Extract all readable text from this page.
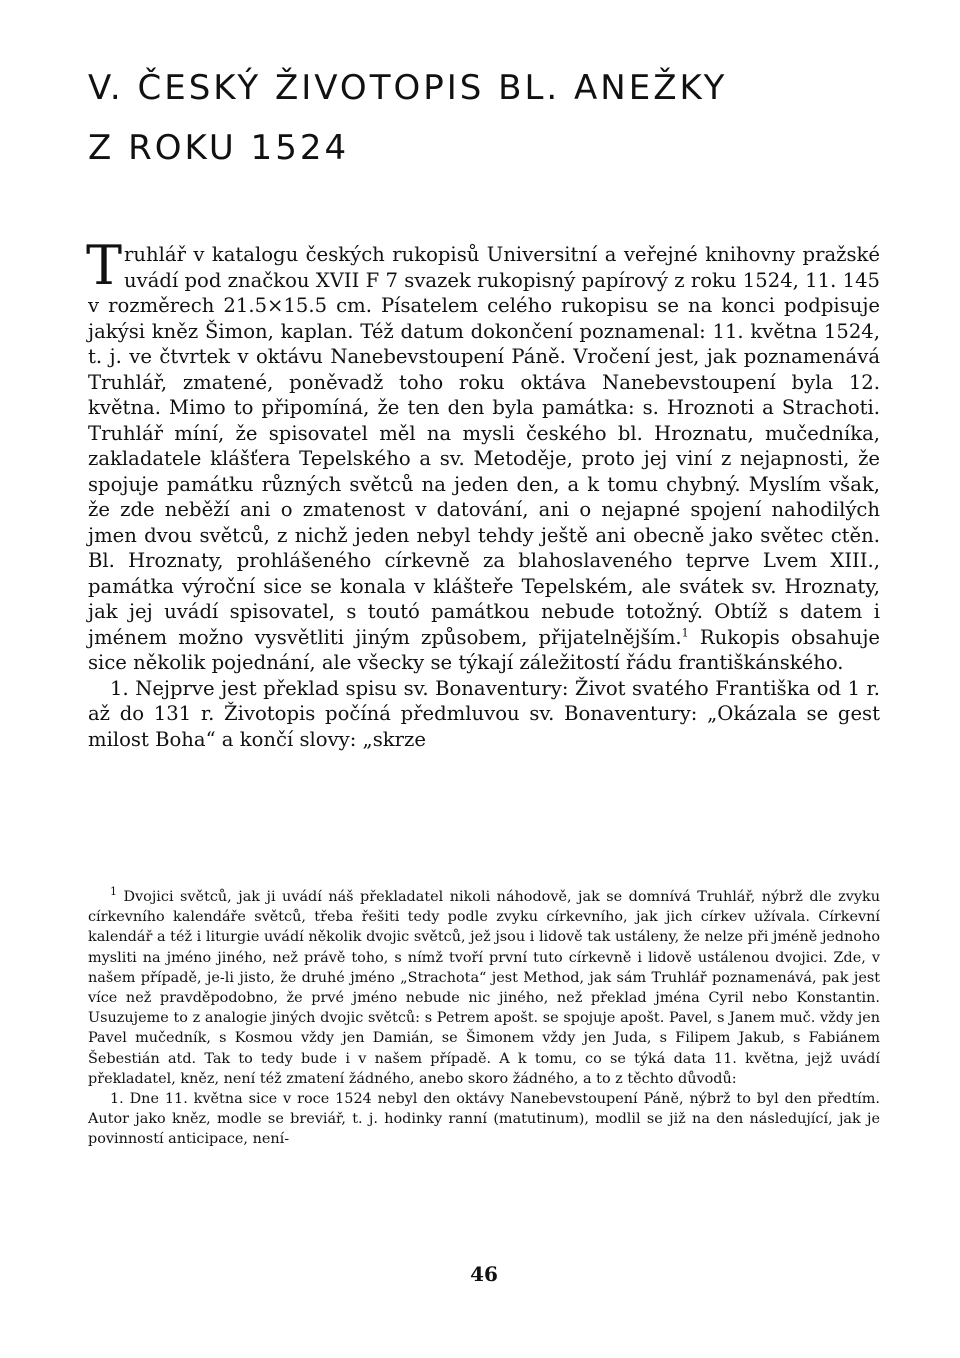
V. ČESKÝ ŽIVOTOPIS BL. ANEŽKY
Z ROKU 1524

Truhlář v katalogu českých rukopisů Universitní a veřejné knihovny pražské uvádí pod značkou XVII F 7 svazek rukopisný papírový z roku 1524, 11. 145 v rozměrech 21.5×15.5 cm. Písatelem celého rukopisu se na konci podpisuje jakýsi kněz Šimon, kaplan. Též datum dokončení poznamenal: 11. května 1524, t. j. ve čtvrtek v oktávu Nanebevstoupení Páně. Vročení jest, jak poznamenává Truhlář, zmatené, poněvadž toho roku oktáva Nanebevstoupení byla 12. května. Mimo to připomíná, že ten den byla památka: s. Hroznoti a Strachoti. Truhlář míní, že spisovatel měl na mysli českého bl. Hroznatu, mučedníka, zakladatele klášťera Tepelského a sv. Metoděje, proto jej viní z nejapnosti, že spojuje památku různých světců na jeden den, a k tomu chybný. Myslím však, že zde neběží ani o zmatenost v datování, ani o nejapné spojení nahodilých jmen dvou světců, z nichž jeden nebyl tehdy ještě ani obecně jako světec ctěn. Bl. Hroznaty, prohlášeného církevně za blahoslaveného teprve Lvem XIII., památka výroční sice se konala v klášteře Tepelském, ale svátek sv. Hroznaty, jak jej uvádí spisovatel, s toutó památkou nebude totožný. Obtíž s datem i jménem možno vysvětliti jiným způsobem, přijatelnějším.$^1$ Rukopis obsahuje sice několik pojednání, ale všecky se týkají záležitostí řádu františkánského.

1. Nejprve jest překlad spisu sv. Bonaventury: Život svatého Františka od 1 r. až do 131 r. Životopis počíná předmluvou sv. Bonaventury: „Okázala se gest milost Boha“ a končí slovy: „skrze

$^1$ Dvojici světců, jak ji uvádí náš překladatel nikoli náhodově, jak se domnívá Truhlář, nýbrž dle zvyku církevního kalendáře světců, třeba řešiti tedy podle zvyku církevního, jak jich církev užívala. Církevní kalendář a též i liturgie uvádí několik dvojic světců, jež jsou i lidově tak ustáleny, že nelze při jméně jednoho mysliti na jméno jiného, než právě toho, s nímž tvoří první tuto církevně i lidově ustálenou dvojici. Zde, v našem případě, je-li jisto, že druhé jméno „Strachota“ jest Method, jak sám Truhlář poznamenává, pak jest více než pravděpodobno, že prvé jméno nebude nic jiného, než překlad jména Cyril nebo Konstantin. Usuzujeme to z analogie jiných dvojic světců: s Petrem apošt. se spojuje apošt. Pavel, s Janem muč. vždy jen Pavel mučedník, s Kosmou vždy jen Damián, se Šimonem vždy jen Juda, s Filipem Jakub, s Fabiánem Šebestián atd. Tak to tedy bude i v našem případě. A k tomu, co se týká data 11. května, jejž uvádí překladatel, kněz, není též zmatení žádného, anebo skoro žádného, a to z těchto důvodů:

1. Dne 11. května sice v roce 1524 nebyl den oktávy Nanebevstoupení Páně, nýbrž to byl den předtím. Autor jako kněz, modle se breviář, t. j. hodinky ranní (matutinum), modlil se již na den následující, jak je povinností anticipace, není-

46
